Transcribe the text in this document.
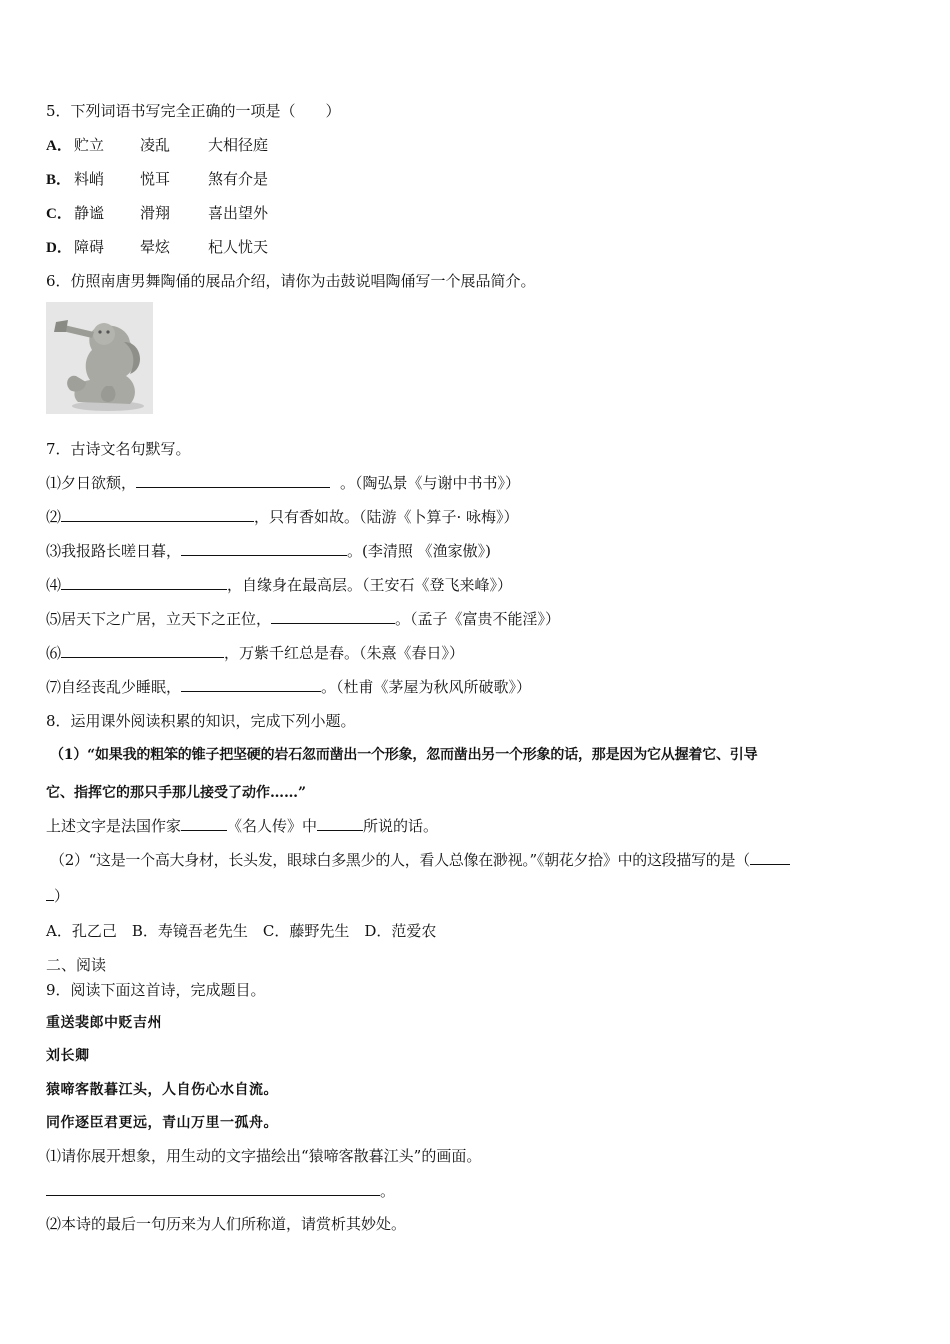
5．下列词语书写完全正确的一项是（　　）
A． 贮立 凌乱	大相径庭
B． 料峭 悦耳	煞有介是
C． 静谧 滑翔	喜出望外
D． 障碍 晕炫	杞人忧天
6．仿照南唐男舞陶俑的展品介绍，请你为击鼓说唱陶俑写一个展品简介。
7．古诗文名句默写。
⑴夕日欲颓，	。（陶弘景《与谢中书书》）
⑵	，只有香如故。（陆游《卜算子· 咏梅》）
⑶我报路长嗟日暮，	。(李清照 《渔家傲》)
⑷	，自缘身在最高层。（王安石《登飞来峰》）
⑸居天下之广居，立天下之正位，	。（孟子《富贵不能淫》）
⑹	，万紫千红总是春。（朱熹《春日》）
⑺自经丧乱少睡眠，	。（杜甫《茅屋为秋风所破歌》）
8．运用课外阅读积累的知识，完成下列小题。
（1）“如果我的粗笨的锥子把坚硬的岩石忽而凿出一个形象，忽而凿出另一个形象的话，那是因为它从握着它、引导
它、指挥它的那只手那儿接受了动作……”
上述文字是法国作家	《名人传》中	所说的话。
（2）“这是一个高大身材，长头发，眼球白多黑少的人，看人总像在渺视。”《朝花夕拾》中的这段描写的是（
）
A．孔乙己　B．寿镜吾老先生　C．藤野先生　D．范爱农
二、阅读
9．阅读下面这首诗，完成题目。
重送裴郎中贬吉州
刘长卿
猿啼客散暮江头，人自伤心水自流。
同作逐臣君更远，青山万里一孤舟。
⑴请你展开想象，用生动的文字描绘出“猿啼客散暮江头”的画面。
。
⑵本诗的最后一句历来为人们所称道，请赏析其妙处。
